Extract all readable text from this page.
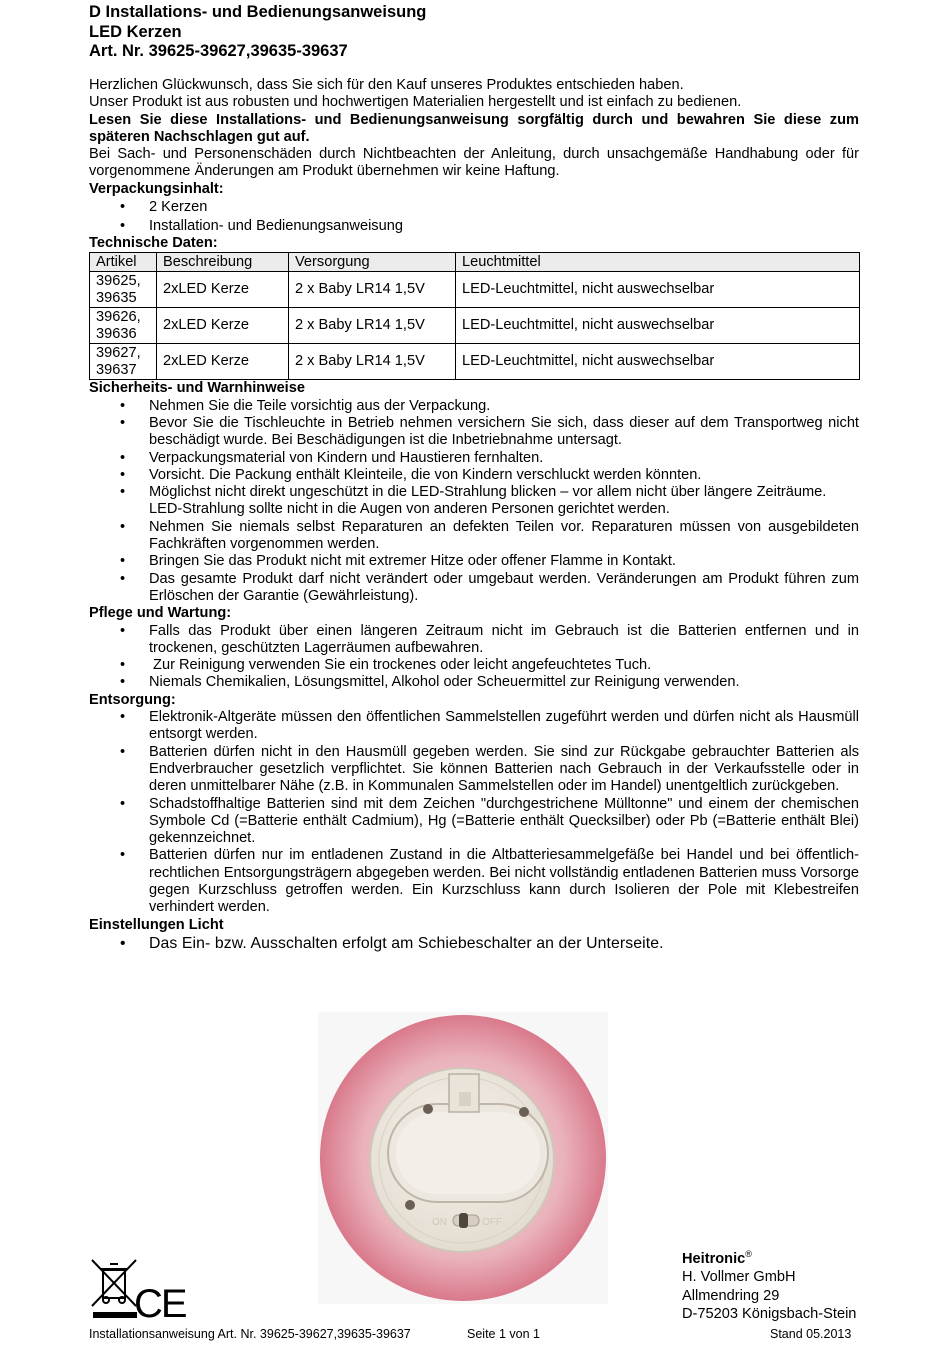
D Installations- und Bedienungsanweisung
LED Kerzen
Art. Nr. 39625-39627,39635-39637

Herzlichen Glückwunsch, dass Sie sich für den Kauf unseres Produktes entschieden haben.

Unser Produkt ist aus robusten und hochwertigen Materialien hergestellt und ist einfach zu bedienen.

Lesen Sie diese Installations- und Bedienungsanweisung sorgfältig durch und bewahren Sie diese zum späteren Nachschlagen gut auf.

Bei Sach- und Personenschäden durch Nichtbeachten der Anleitung, durch unsachgemäße Handhabung oder für vorgenommene Änderungen am Produkt übernehmen wir keine Haftung.

Verpackungsinhalt:
• 2 Kerzen
• Installation- und Bedienungsanweisung
Technische Daten:
Artikel	Beschreibung	Versorgung	Leuchtmittel

39625,
39635	2xLED Kerze	2 x Baby LR14 1,5V	LED-Leuchtmittel, nicht auswechselbar

39626,
39636	2xLED Kerze	2 x Baby LR14 1,5V	LED-Leuchtmittel, nicht auswechselbar

39627,
39637	2xLED Kerze	2 x Baby LR14 1,5V	LED-Leuchtmittel, nicht auswechselbar
Sicherheits- und Warnhinweise
• Nehmen Sie die Teile vorsichtig aus der Verpackung.
• Bevor Sie die Tischleuchte in Betrieb nehmen versichern Sie sich, dass dieser auf dem Transportweg nicht beschädigt wurde. Bei Beschädigungen ist die Inbetriebnahme untersagt.
• Verpackungsmaterial von Kindern und Haustieren fernhalten.
• Vorsicht. Die Packung enthält Kleinteile, die von Kindern verschluckt werden könnten.
• Möglichst nicht direkt ungeschützt in die LED-Strahlung blicken – vor allem nicht über längere Zeiträume. LED-Strahlung sollte nicht in die Augen von anderen Personen gerichtet werden.
• Nehmen Sie niemals selbst Reparaturen an defekten Teilen vor. Reparaturen müssen von ausgebildeten Fachkräften vorgenommen werden.
• Bringen Sie das Produkt nicht mit extremer Hitze oder offener Flamme in Kontakt.
• Das gesamte Produkt darf nicht verändert oder umgebaut werden. Veränderungen am Produkt führen zum Erlöschen der Garantie (Gewährleistung).
Pflege und Wartung:
• Falls das Produkt über einen längeren Zeitraum nicht im Gebrauch ist die Batterien entfernen und in trockenen, geschützten Lagerräumen aufbewahren.
•  Zur Reinigung verwenden Sie ein trockenes oder leicht angefeuchtetes Tuch.
• Niemals Chemikalien, Lösungsmittel, Alkohol oder Scheuermittel zur Reinigung verwenden.
Entsorgung:
• Elektronik-Altgeräte müssen den öffentlichen Sammelstellen zugeführt werden und dürfen nicht als Hausmüll entsorgt werden.
• Batterien dürfen nicht in den Hausmüll gegeben werden. Sie sind zur Rückgabe gebrauchter Batterien als Endverbraucher gesetzlich verpflichtet. Sie können Batterien nach Gebrauch in der Verkaufsstelle oder in deren unmittelbarer Nähe (z.B. in Kommunalen Sammelstellen oder im Handel) unentgeltlich zurückgeben.
• Schadstoffhaltige Batterien sind mit dem Zeichen "durchgestrichene Mülltonne" und einem der chemischen Symbole Cd (=Batterie enthält Cadmium), Hg (=Batterie enthält Quecksilber) oder Pb (=Batterie enthält Blei) gekennzeichnet.
• Batterien dürfen nur im entladenen Zustand in die Altbatteriesammelgefäße bei Handel und bei öffentlich-rechtlichen Entsorgungsträgern abgegeben werden. Bei nicht vollständig entladenen Batterien muss Vorsorge gegen Kurzschluss getroffen werden. Ein Kurzschluss kann durch Isolieren der Pole mit Klebestreifen verhindert werden.
Einstellungen Licht
• Das Ein- bzw. Ausschalten erfolgt am Schiebeschalter an der Unterseite.
ON	OFF
CE
Heitronic®
H. Vollmer GmbH
Allmendring 29
D-75203 Königsbach-Stein
Installationsanweisung Art. Nr. 39625-39627,39635-39637	Seite 1 von 1	Stand 05.2013
